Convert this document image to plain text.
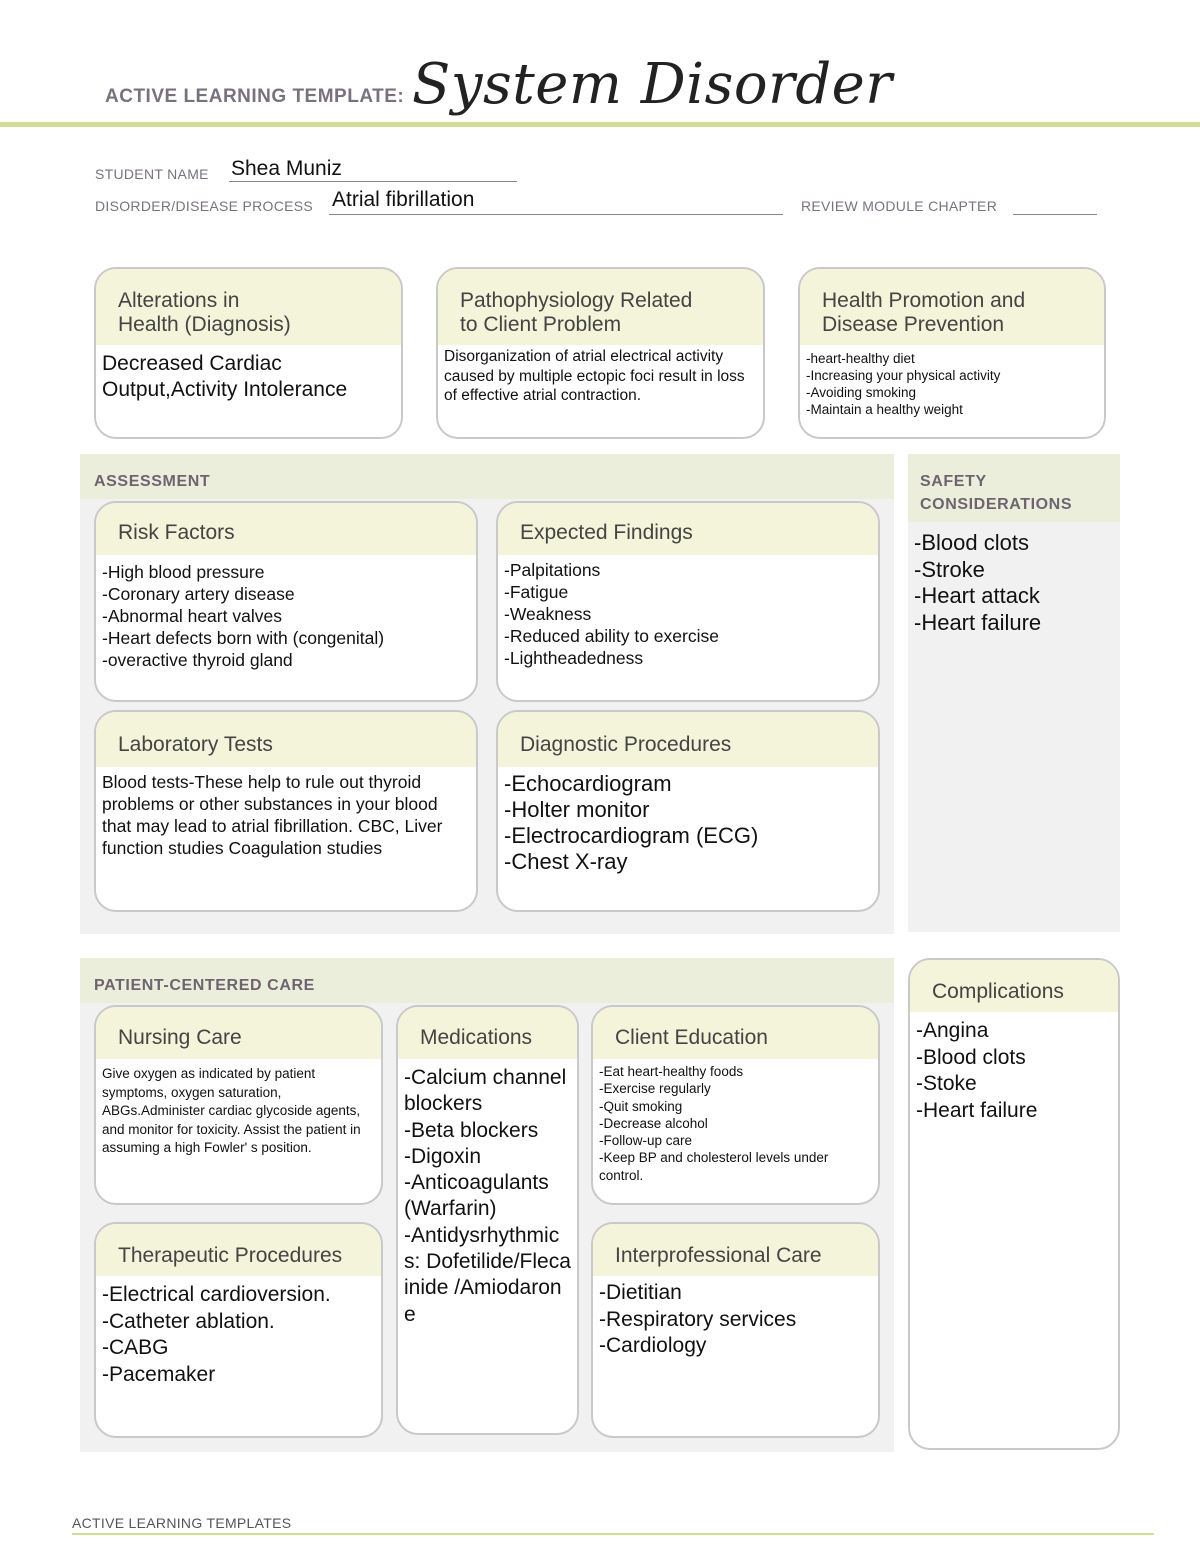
ACTIVE LEARNING TEMPLATE: System Disorder
STUDENT NAME Shea Muniz
DISORDER/DISEASE PROCESS Atrial fibrillation	REVIEW MODULE CHAPTER
Alterations in
Health (Diagnosis)
Decreased Cardiac
Output,Activity Intolerance
Pathophysiology Related
to Client Problem
Disorganization of atrial electrical activity caused by multiple ectopic foci result in loss of effective atrial contraction.
Health Promotion and
Disease Prevention
-heart-healthy diet
-Increasing your physical activity
-Avoiding smoking
-Maintain a healthy weight
ASSESSMENT
Risk Factors
-High blood pressure
-Coronary artery disease
-Abnormal heart valves
-Heart defects born with (congenital)
-overactive thyroid gland
Expected Findings
-Palpitations
-Fatigue
-Weakness
-Reduced ability to exercise
-Lightheadedness
Laboratory Tests
Blood tests-These help to rule out thyroid problems or other substances in your blood that may lead to atrial fibrillation. CBC, Liver function studies Coagulation studies
Diagnostic Procedures
-Echocardiogram
-Holter monitor
-Electrocardiogram (ECG)
-Chest X-ray
SAFETY
CONSIDERATIONS
-Blood clots
-Stroke
-Heart attack
-Heart failure
PATIENT-CENTERED CARE
Nursing Care
Give oxygen as indicated by patient symptoms, oxygen saturation, ABGs.Administer cardiac glycoside agents, and monitor for toxicity. Assist the patient in assuming a high Fowler' s position.
Medications
-Calcium channel blockers
-Beta blockers
-Digoxin
-Anticoagulants (Warfarin)
-Antidysrhythmics: Dofetilide/Flecainide /Amiodarone
Client Education
-Eat heart-healthy foods
-Exercise regularly
-Quit smoking
-Decrease alcohol
-Follow-up care
-Keep BP and cholesterol levels under control.
Therapeutic Procedures
-Electrical cardioversion.
-Catheter ablation.
-CABG
-Pacemaker
Interprofessional Care
-Dietitian
-Respiratory services
-Cardiology
Complications
-Angina
-Blood clots
-Stoke
-Heart failure
ACTIVE LEARNING TEMPLATES
